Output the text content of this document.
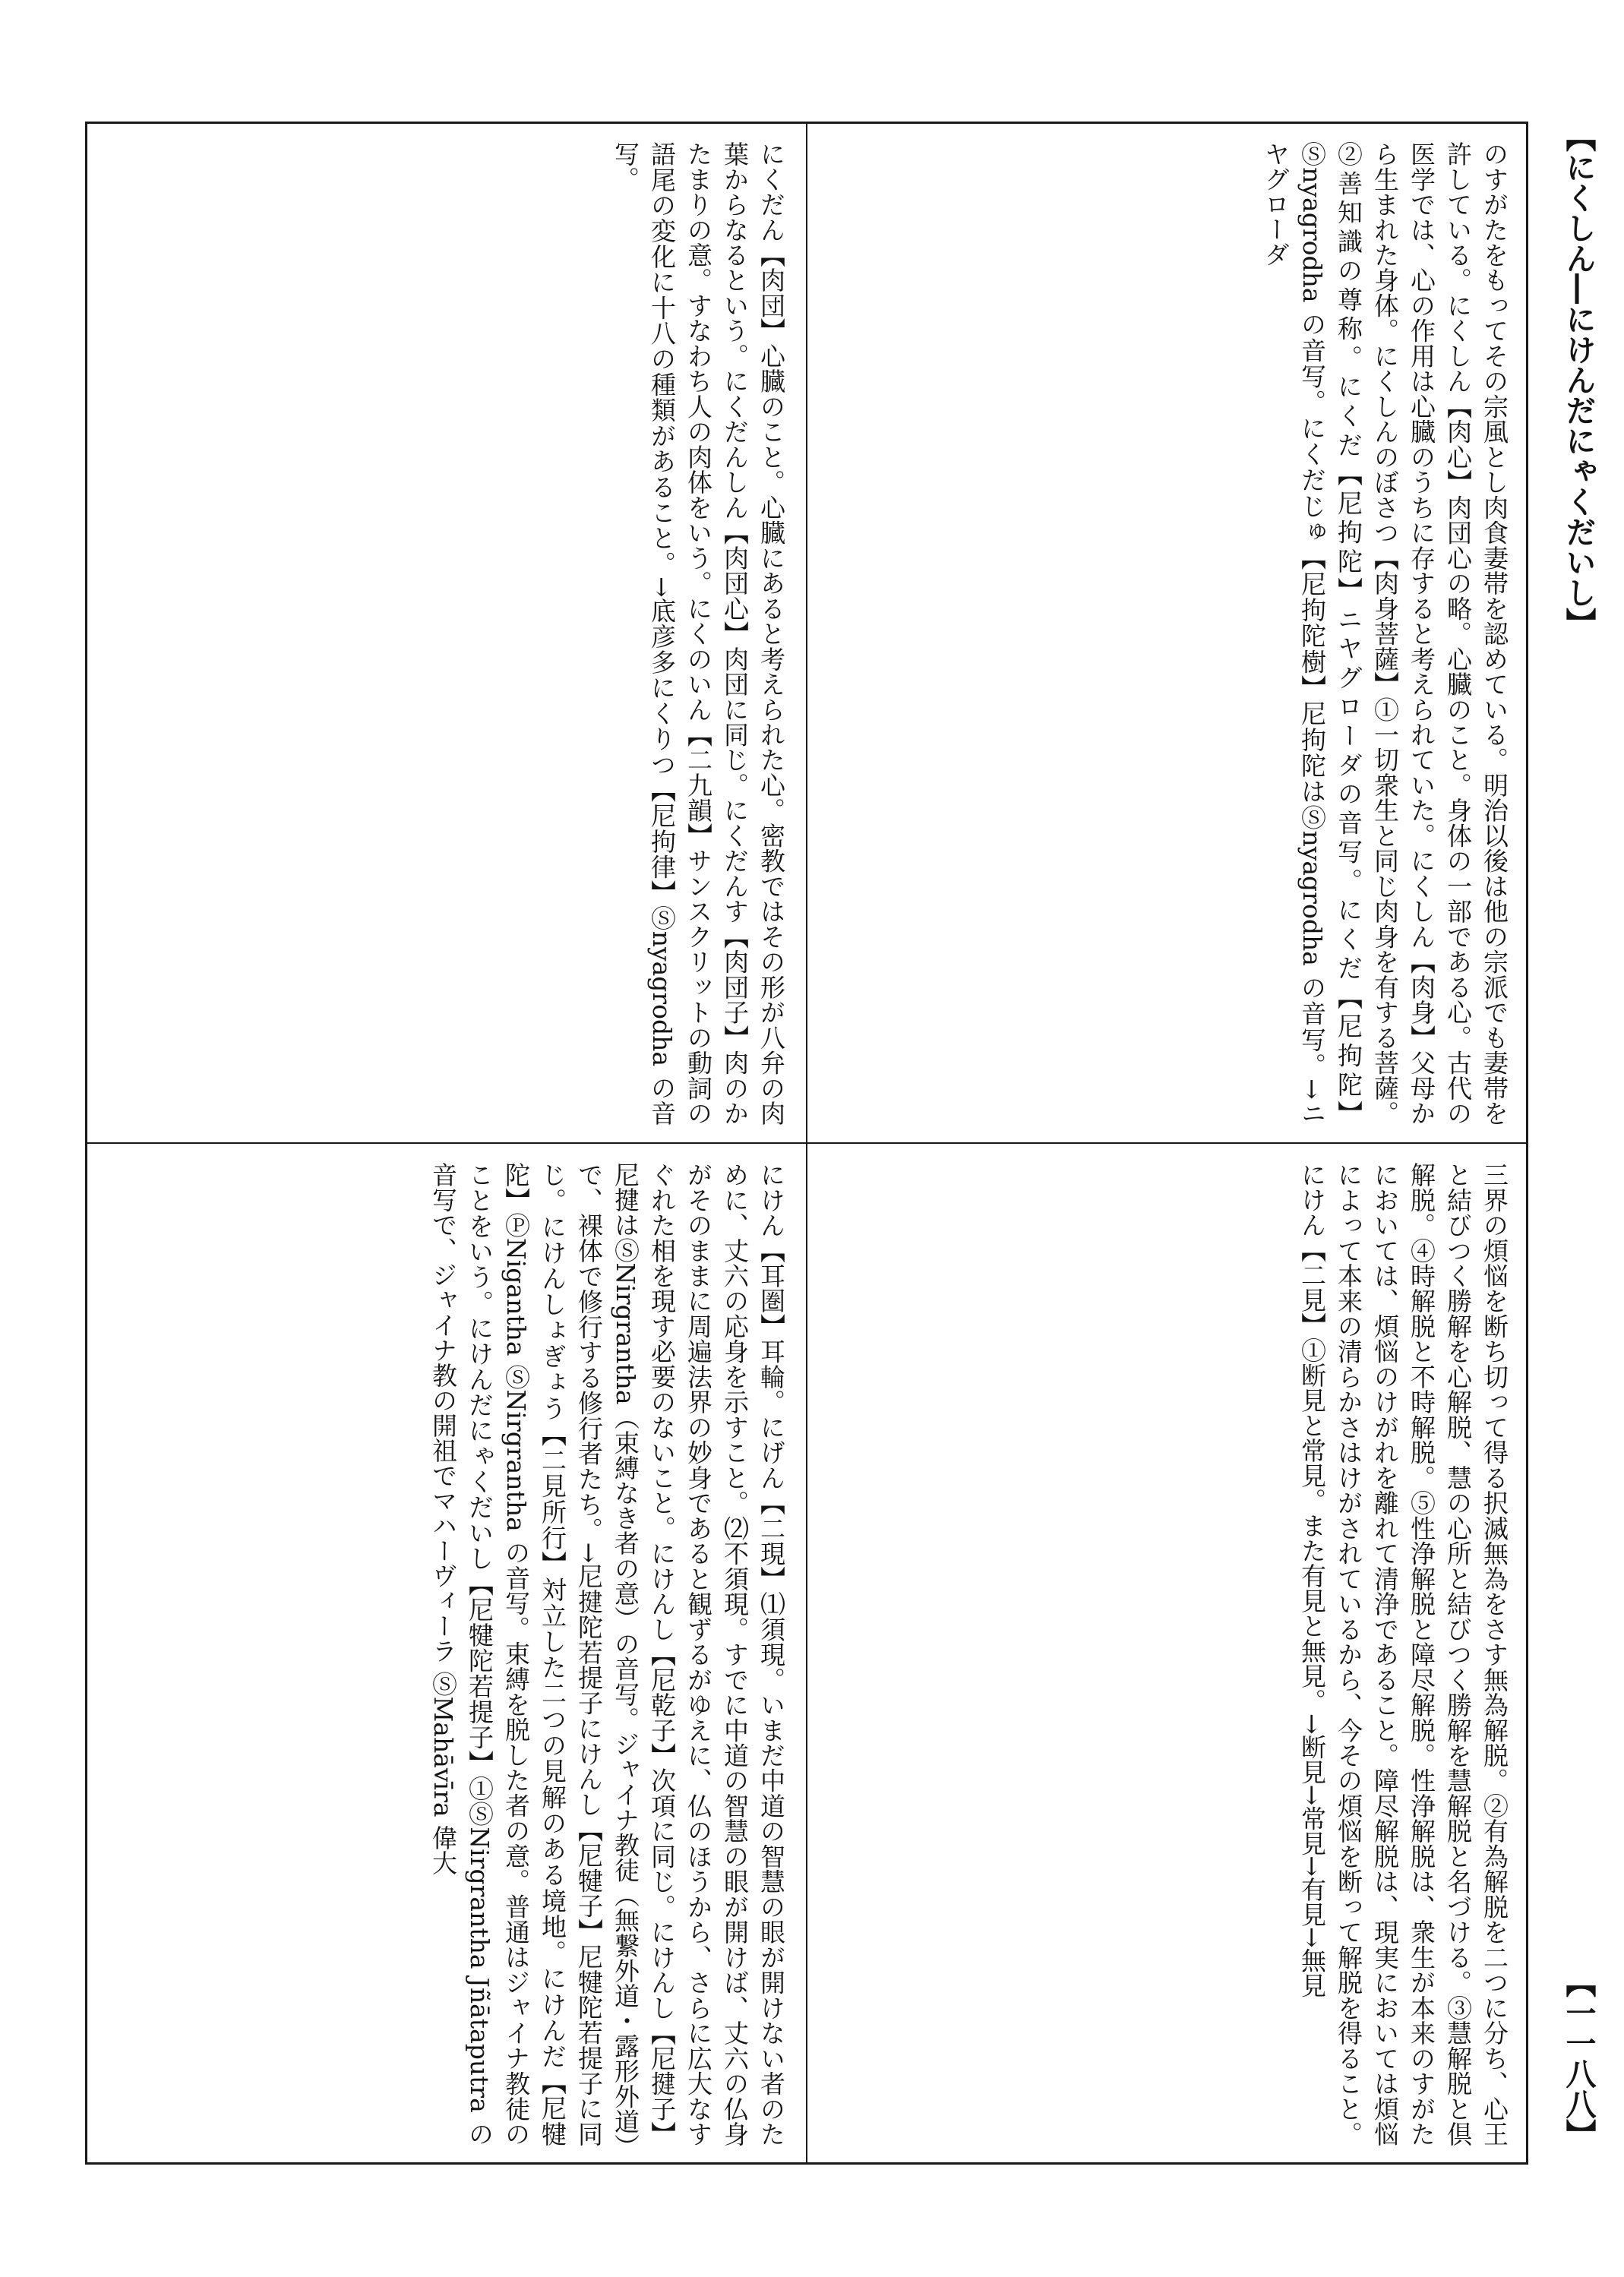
【にくしん―にけんだにゃくだいし】
のすがたをもってその宗風とし肉食妻帯を認めている。明治以後は他の宗派でも妻帯を許している。にくしん【肉心】肉団心の略。心臓のこと。身体の一部である心。古代の医学では、心の作用は心臓のうちに存すると考えられていた。にくしん【肉身】父母から生まれた身体。にくしんのぼさつ【肉身菩薩】①一切衆生と同じ肉身を有する菩薩。②善知識の尊称。にくだ【尼拘陀】ニヤグローダの音写。にくだ【尼拘陀】Ⓢnyagrodha の音写。にくだじゅ【尼拘陀樹】尼拘陀はⓈnyagrodha の音写。→ニヤグローダ
にくだん【肉団】心臓のこと。心臓にあると考えられた心。密教ではその形が八弁の肉葉からなるという。にくだんしん【肉団心】肉団に同じ。にくだんす【肉団子】肉のかたまりの意。すなわち人の肉体をいう。にくのいん【二九韻】サンスクリットの動詞の語尾の変化に十八の種類があること。→底彦多にくりつ【尼拘律】Ⓢnyagrodha の音写。
三界の煩悩を断ち切って得る択滅無為をさす無為解脱。②有為解脱を二つに分ち、心王と結びつく勝解を心解脱、慧の心所と結びつく勝解を慧解脱と名づける。③慧解脱と倶解脱。④時解脱と不時解脱。⑤性浄解脱と障尽解脱。性浄解脱は、衆生が本来のすがたにおいては、煩悩のけがれを離れて清浄であること。障尽解脱は、現実においては煩悩によって本来の清らかさはけがされているから、今その煩悩を断って解脱を得ること。にけん【二見】①断見と常見。また有見と無見。→断見→常見→有見→無見
にけん【耳圏】耳輪。にげん【二現】⑴須現。いまだ中道の智慧の眼が開けない者のために、丈六の応身を示すこと。⑵不須現。すでに中道の智慧の眼が開けば、丈六の仏身がそのままに周遍法界の妙身であると観ずるがゆえに、仏のほうから、さらに広大なすぐれた相を現す必要のないこと。にけんし【尼乾子】次項に同じ。にけんし【尼揵子】尼揵はⓈNirgrantha（束縛なき者の意）の音写。ジャイナ教徒（無繋外道・露形外道）で、裸体で修行する修行者たち。→尼揵陀若提子にけんし【尼犍子】尼犍陀若提子に同じ。にけんしょぎょう【二見所行】対立した二つの見解のある境地。にけんだ【尼犍陀】ⓅNigantha ⓈNirgrantha の音写。束縛を脱した者の意。普通はジャイナ教徒のことをいう。にけんだにゃくだいし【尼犍陀若提子】①ⓈNirgrantha Jñātaputra の音写で、ジャイナ教の開祖でマハーヴィーラ ⓈMahāvīra 偉大
【一一八八】
